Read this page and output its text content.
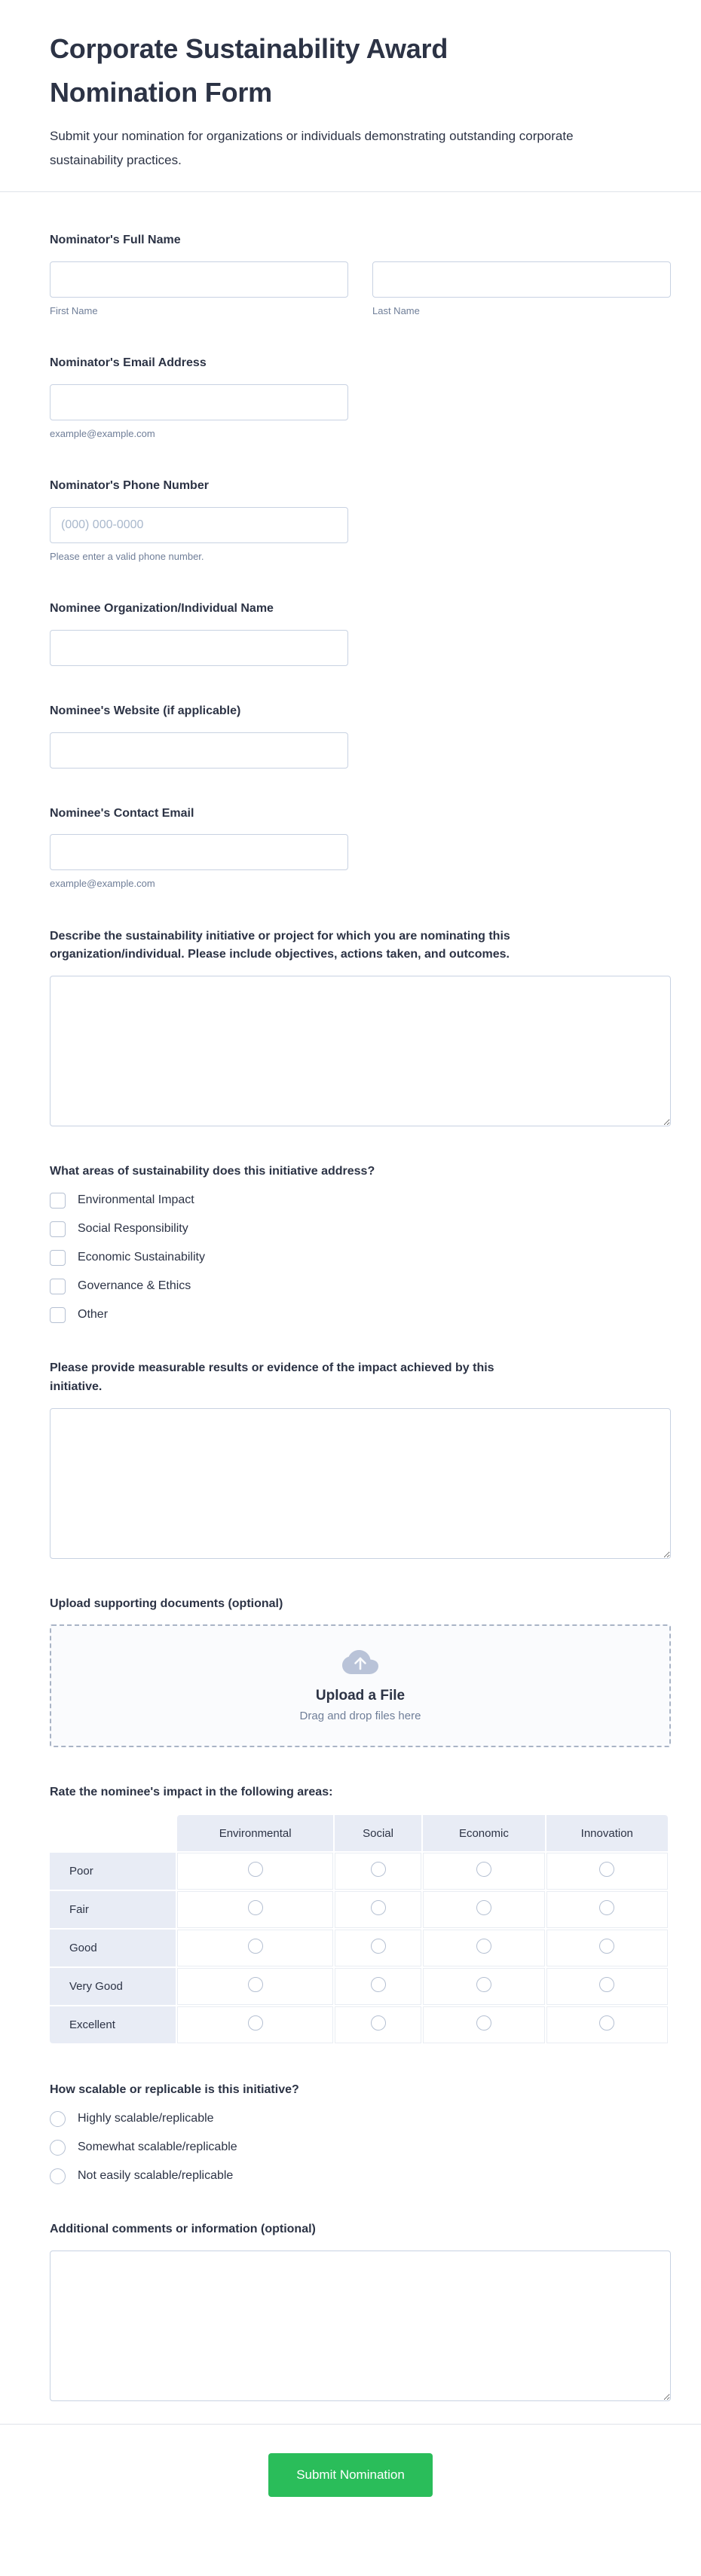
Corporate Sustainability Award Nomination Form

Submit your nomination for organizations or individuals demonstrating outstanding corporate sustainability practices.

Nominator's Full Name
First Name	Last Name
Nominator's Email Address
example@example.com
Nominator's Phone Number
(000) 000-0000
Please enter a valid phone number.
Nominee Organization/Individual Name
Nominee's Website (if applicable)
Nominee's Contact Email
example@example.com
Describe the sustainability initiative or project for which you are nominating this organization/individual. Please include objectives, actions taken, and outcomes.
What areas of sustainability does this initiative address?
Environmental Impact
Social Responsibility
Economic Sustainability
Governance & Ethics
Other
Please provide measurable results or evidence of the impact achieved by this initiative.
Upload supporting documents (optional)
Upload a File
Drag and drop files here
Rate the nominee's impact in the following areas:
	Environmental	Social	Economic	Innovation
Poor				
Fair				
Good				
Very Good				
Excellent				
How scalable or replicable is this initiative?
Highly scalable/replicable
Somewhat scalable/replicable
Not easily scalable/replicable
Additional comments or information (optional)
Submit Nomination
